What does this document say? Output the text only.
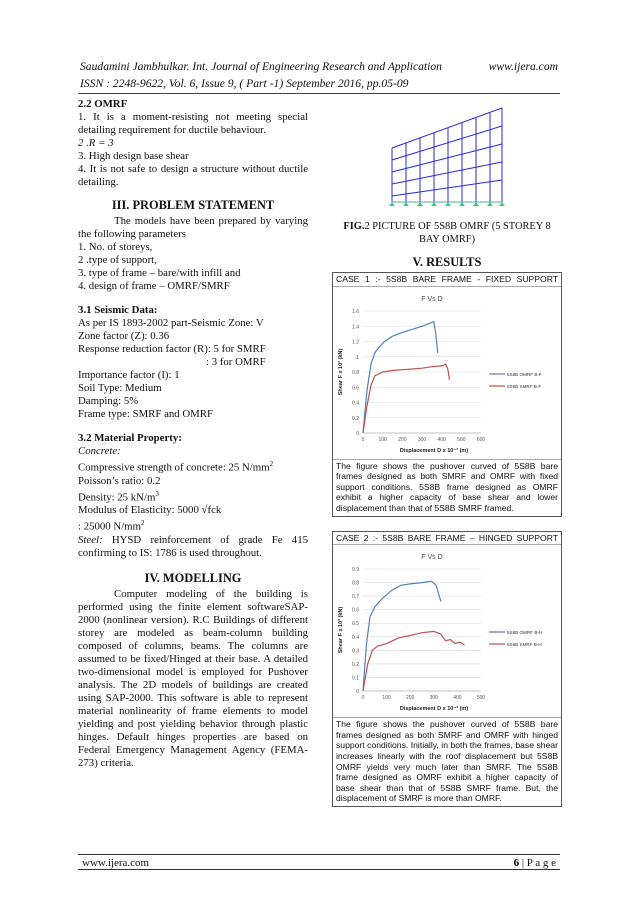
Saudamini Jambhulkar. Int. Journal of Engineering Research and Application	www.ijera.com
ISSN : 2248-9622, Vol. 6, Issue 9, ( Part -1) September 2016, pp.05-09

2.2 OMRF

1. It is a moment-resisting not meeting special detailing requirement for ductile behaviour.

2 .R = 3

3. High design base shear

4. It is not safe to design a structure without ductile detailing.

III. PROBLEM STATEMENT

The models have been prepared by varying the following parameters

1. No. of storeys,

2 .type of support,

3. type of frame – bare/with infill and

4. design of frame – OMRF/SMRF

3.1 Seismic Data:

As per IS 1893-2002 part-Seismic Zone: V

Zone factor (Z): 0.36

Response reduction factor (R): 5 for SMRF

: 3 for OMRF

Importance factor (I): 1

Soil Type: Medium

Damping: 5%

Frame type: SMRF and OMRF

3.2 Material Property:

Concrete:

Compressive strength of concrete: 25 $N/mm^2$

Poisson’s ratio: 0.2

Density: 25 $kN/m^3$

Modulus of Elasticity: 5000 √fck

: 25000 $N/mm^2$

Steel: HYSD reinforcement of grade Fe 415 confirming to IS: 1786 is used throughout.

IV. MODELLING

Computer modeling of the building is performed using the finite element softwareSAP-2000 (nonlinear version). R.C Buildings of different storey are modeled as beam-column building composed of columns, beams. The columns are assumed to be fixed/Hinged at their base. A detailed two-dimensional model is employed for Pushover analysis. The 2D models of buildings are created using SAP-2000. This software is able to represent material nonlinearity of frame elements to model yielding and post yielding behavior through plastic hinges. Default hinges properties are based on Federal Emergency Management Agency (FEMA-273) criteria.

FIG.2 PICTURE OF 5S8B OMRF (5 STOREY 8 BAY OMRF)

V. RESULTS

CASE 1 :- 5S8B BARE FRAME - FIXED SUPPORT
0
0.2
0.4
0.6
0.8
1
1.2
1.4
1.6
0	100 200 300 400 500 600
F Vs D
Displacement D x 10⁻³ (m)
Shear F x 10³ (kN)	5S8B OMRF B-F
5S8B SMRF B-F
The figure shows the pushover curved of 5S8B bare frames designed as both SMRF and OMRF with fixed support conditions. 5S8B frame designed as OMRF exhibit a higher capacity of base shear and lower displacement than that of 5S8B SMRF framed.
CASE 2 :- 5S8B BARE FRAME – HINGED SUPPORT
0
0.1
0.2
0.3
0.4
0.5
0.6
0.7
0.8
0.9
0	100	200	300	400	500
F Vs D
Displacement D x 10⁻³ (m)
Shear F x 10³ (kN)	5S8B OMRF B-H
5S8B SMRF B-H
The figure shows the pushover curved of 5S8B bare frames designed as both SMRF and OMRF with hinged support conditions. Initially, in both the frames, base shear increases linearly with the roof displacement but 5S8B OMRF yields very much later than SMRF. The 5S8B frame designed as OMRF exhibit a higher capacity of base shear than that of 5S8B SMRF frame. But, the displacement of SMRF is more than OMRF.
www.ijera.com	6 | P a g e
